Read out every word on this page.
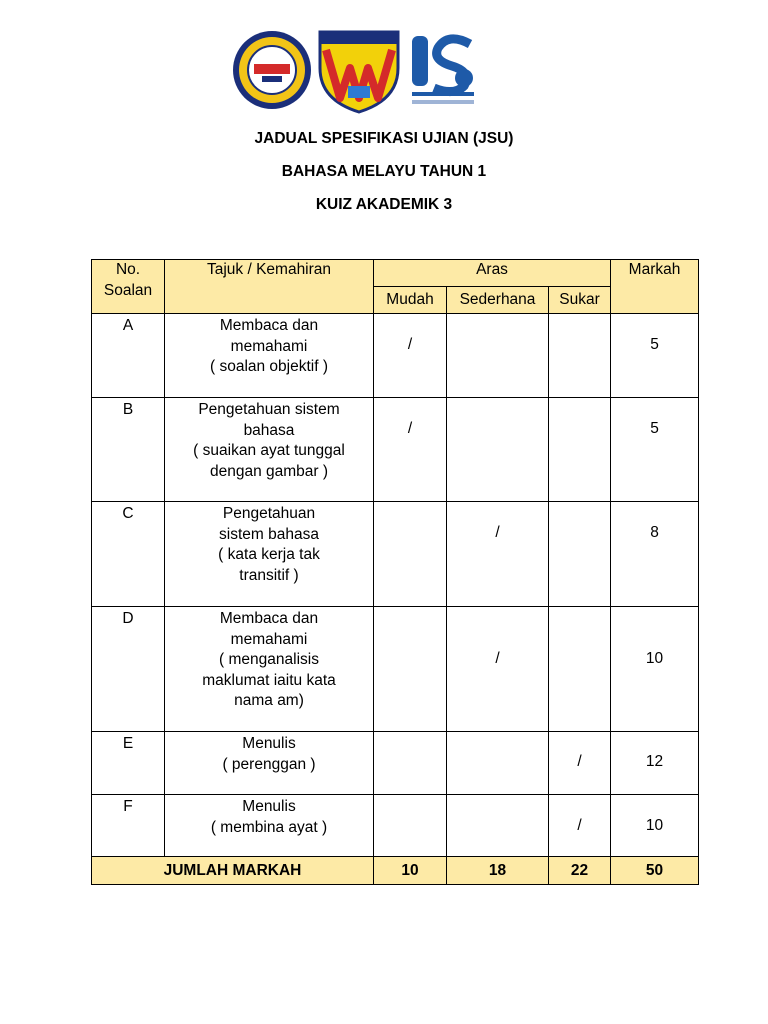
JADUAL SPESIFIKASI UJIAN (JSU)
BAHASA MELAYU TAHUN 1
KUIZ AKADEMIK 3
No.
Soalan	Tajuk / Kemahiran	Aras			Markah
		Mudah	Sederhana	Sukar	

A	Membaca dan
memahami
( soalan objektif )	/			5

B	Pengetahuan sistem
bahasa
( suaikan ayat tunggal
dengan gambar )	/			5

C	Pengetahuan
sistem bahasa
( kata kerja tak
transitif )		/		8

D	Membaca dan
memahami
( menganalisis
maklumat iaitu kata
nama am)		/		10

E	Menulis
( perenggan )			/	12

F	Menulis
( membina ayat )			/	10

JUMLAH MARKAH		10	18	22	50
